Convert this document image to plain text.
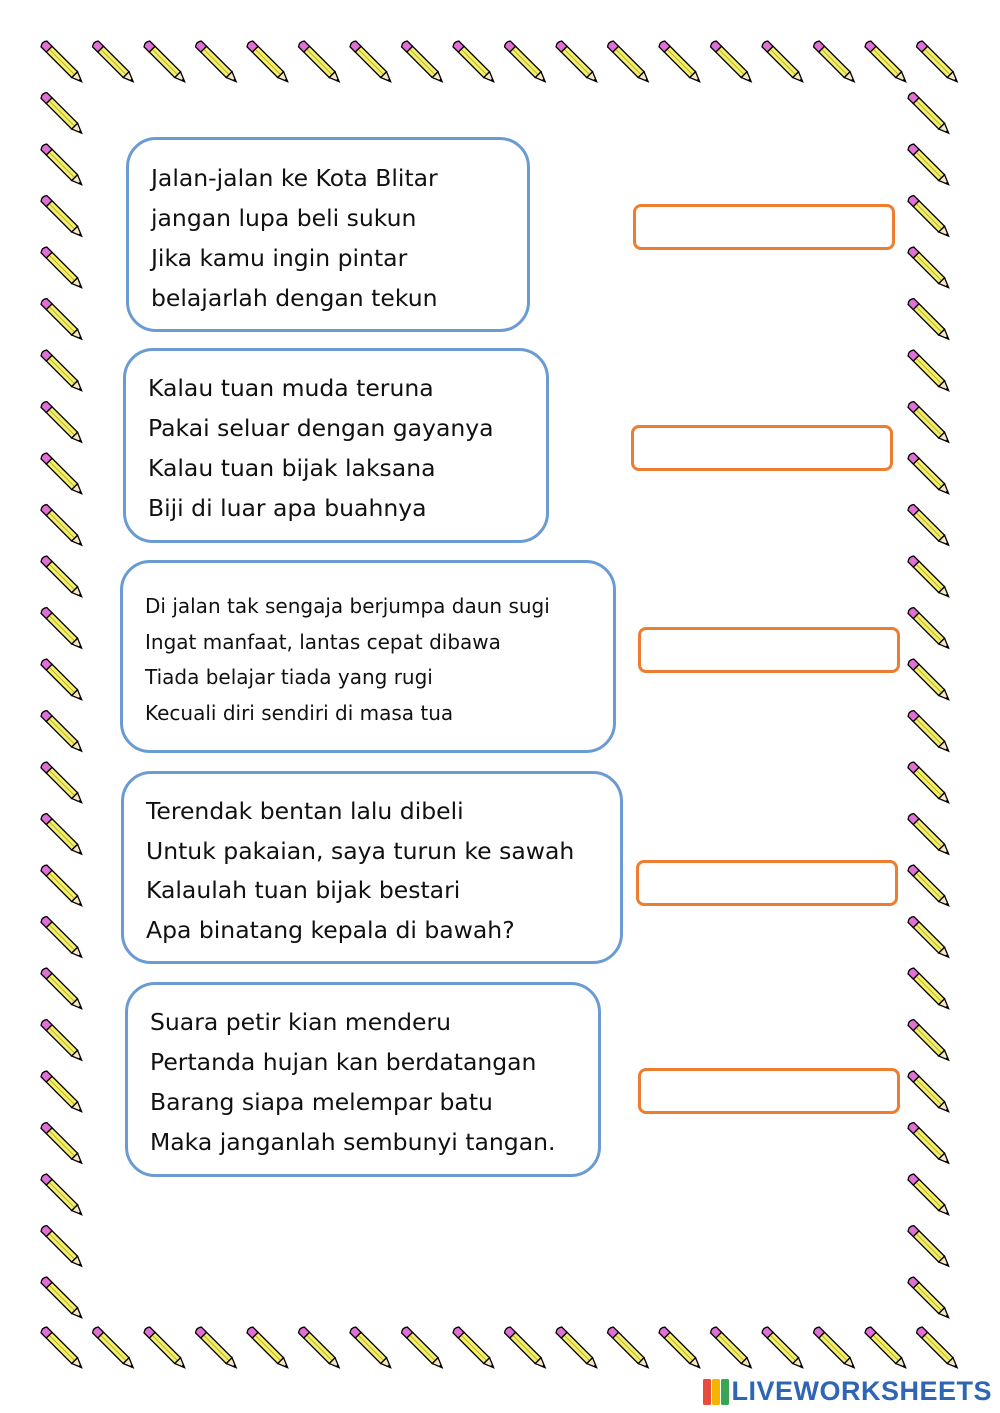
Jalan-jalan ke Kota Blitar
jangan lupa beli sukun
Jika kamu ingin pintar
belajarlah dengan tekun
Kalau tuan muda teruna
Pakai seluar dengan gayanya
Kalau tuan bijak laksana
Biji di luar apa buahnya
Di jalan tak sengaja berjumpa daun sugi
Ingat manfaat, lantas cepat dibawa
Tiada belajar tiada yang rugi
Kecuali diri sendiri di masa tua
Terendak bentan lalu dibeli
Untuk pakaian, saya turun ke sawah
Kalaulah tuan bijak bestari
Apa binatang kepala di bawah?
Suara petir kian menderu
Pertanda hujan kan berdatangan
Barang siapa melempar batu
Maka janganlah sembunyi tangan.
LIVEWORKSHEETS
